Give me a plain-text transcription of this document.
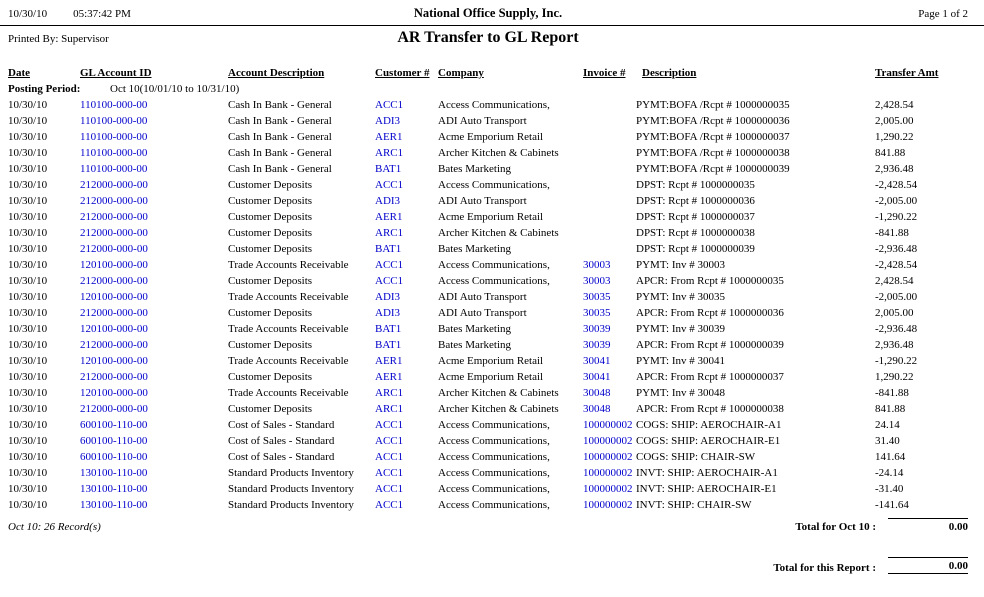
10/30/10 05:37:42 PM	National Office Supply, Inc.	Page 1 of 2
Printed By: Supervisor	AR Transfer to GL Report
Date	GL Account ID	Account Description	Customer #	Company	Invoice #	Description	Transfer Amt
Posting Period: Oct 10(10/01/10 to 10/31/10)							
10/30/10	110100-000-00	Cash In Bank - General	ACC1	Access Communications,		PYMT:BOFA /Rcpt # 1000000035	2,428.54
10/30/10	110100-000-00	Cash In Bank - General	ADI3	ADI Auto Transport		PYMT:BOFA /Rcpt # 1000000036	2,005.00
10/30/10	110100-000-00	Cash In Bank - General	AER1	Acme Emporium Retail		PYMT:BOFA /Rcpt # 1000000037	1,290.22
10/30/10	110100-000-00	Cash In Bank - General	ARC1	Archer Kitchen & Cabinets		PYMT:BOFA /Rcpt # 1000000038	841.88
10/30/10	110100-000-00	Cash In Bank - General	BAT1	Bates Marketing		PYMT:BOFA /Rcpt # 1000000039	2,936.48
10/30/10	212000-000-00	Customer Deposits	ACC1	Access Communications,		DPST: Rcpt # 1000000035	-2,428.54
10/30/10	212000-000-00	Customer Deposits	ADI3	ADI Auto Transport		DPST: Rcpt # 1000000036	-2,005.00
10/30/10	212000-000-00	Customer Deposits	AER1	Acme Emporium Retail		DPST: Rcpt # 1000000037	-1,290.22
10/30/10	212000-000-00	Customer Deposits	ARC1	Archer Kitchen & Cabinets		DPST: Rcpt # 1000000038	-841.88
10/30/10	212000-000-00	Customer Deposits	BAT1	Bates Marketing		DPST: Rcpt # 1000000039	-2,936.48
10/30/10	120100-000-00	Trade Accounts Receivable	ACC1	Access Communications,	30003	PYMT: Inv # 30003	-2,428.54
10/30/10	212000-000-00	Customer Deposits	ACC1	Access Communications,	30003	APCR: From Rcpt # 1000000035	2,428.54
10/30/10	120100-000-00	Trade Accounts Receivable	ADI3	ADI Auto Transport	30035	PYMT: Inv # 30035	-2,005.00
10/30/10	212000-000-00	Customer Deposits	ADI3	ADI Auto Transport	30035	APCR: From Rcpt # 1000000036	2,005.00
10/30/10	120100-000-00	Trade Accounts Receivable	BAT1	Bates Marketing	30039	PYMT: Inv # 30039	-2,936.48
10/30/10	212000-000-00	Customer Deposits	BAT1	Bates Marketing	30039	APCR: From Rcpt # 1000000039	2,936.48
10/30/10	120100-000-00	Trade Accounts Receivable	AER1	Acme Emporium Retail	30041	PYMT: Inv # 30041	-1,290.22
10/30/10	212000-000-00	Customer Deposits	AER1	Acme Emporium Retail	30041	APCR: From Rcpt # 1000000037	1,290.22
10/30/10	120100-000-00	Trade Accounts Receivable	ARC1	Archer Kitchen & Cabinets	30048	PYMT: Inv # 30048	-841.88
10/30/10	212000-000-00	Customer Deposits	ARC1	Archer Kitchen & Cabinets	30048	APCR: From Rcpt # 1000000038	841.88
10/30/10	600100-110-00	Cost of Sales - Standard	ACC1	Access Communications,	100000002	COGS: SHIP: AEROCHAIR-A1	24.14
10/30/10	600100-110-00	Cost of Sales - Standard	ACC1	Access Communications,	100000002	COGS: SHIP: AEROCHAIR-E1	31.40
10/30/10	600100-110-00	Cost of Sales - Standard	ACC1	Access Communications,	100000002	COGS: SHIP: CHAIR-SW	141.64
10/30/10	130100-110-00	Standard Products Inventory	ACC1	Access Communications,	100000002	INVT: SHIP: AEROCHAIR-A1	-24.14
10/30/10	130100-110-00	Standard Products Inventory	ACC1	Access Communications,	100000002	INVT: SHIP: AEROCHAIR-E1	-31.40
10/30/10	130100-110-00	Standard Products Inventory	ACC1	Access Communications,	100000002	INVT: SHIP: CHAIR-SW	-141.64
Oct 10: 26 Record(s)	Total for Oct 10 :	0.00
Total for this Report :	0.00
